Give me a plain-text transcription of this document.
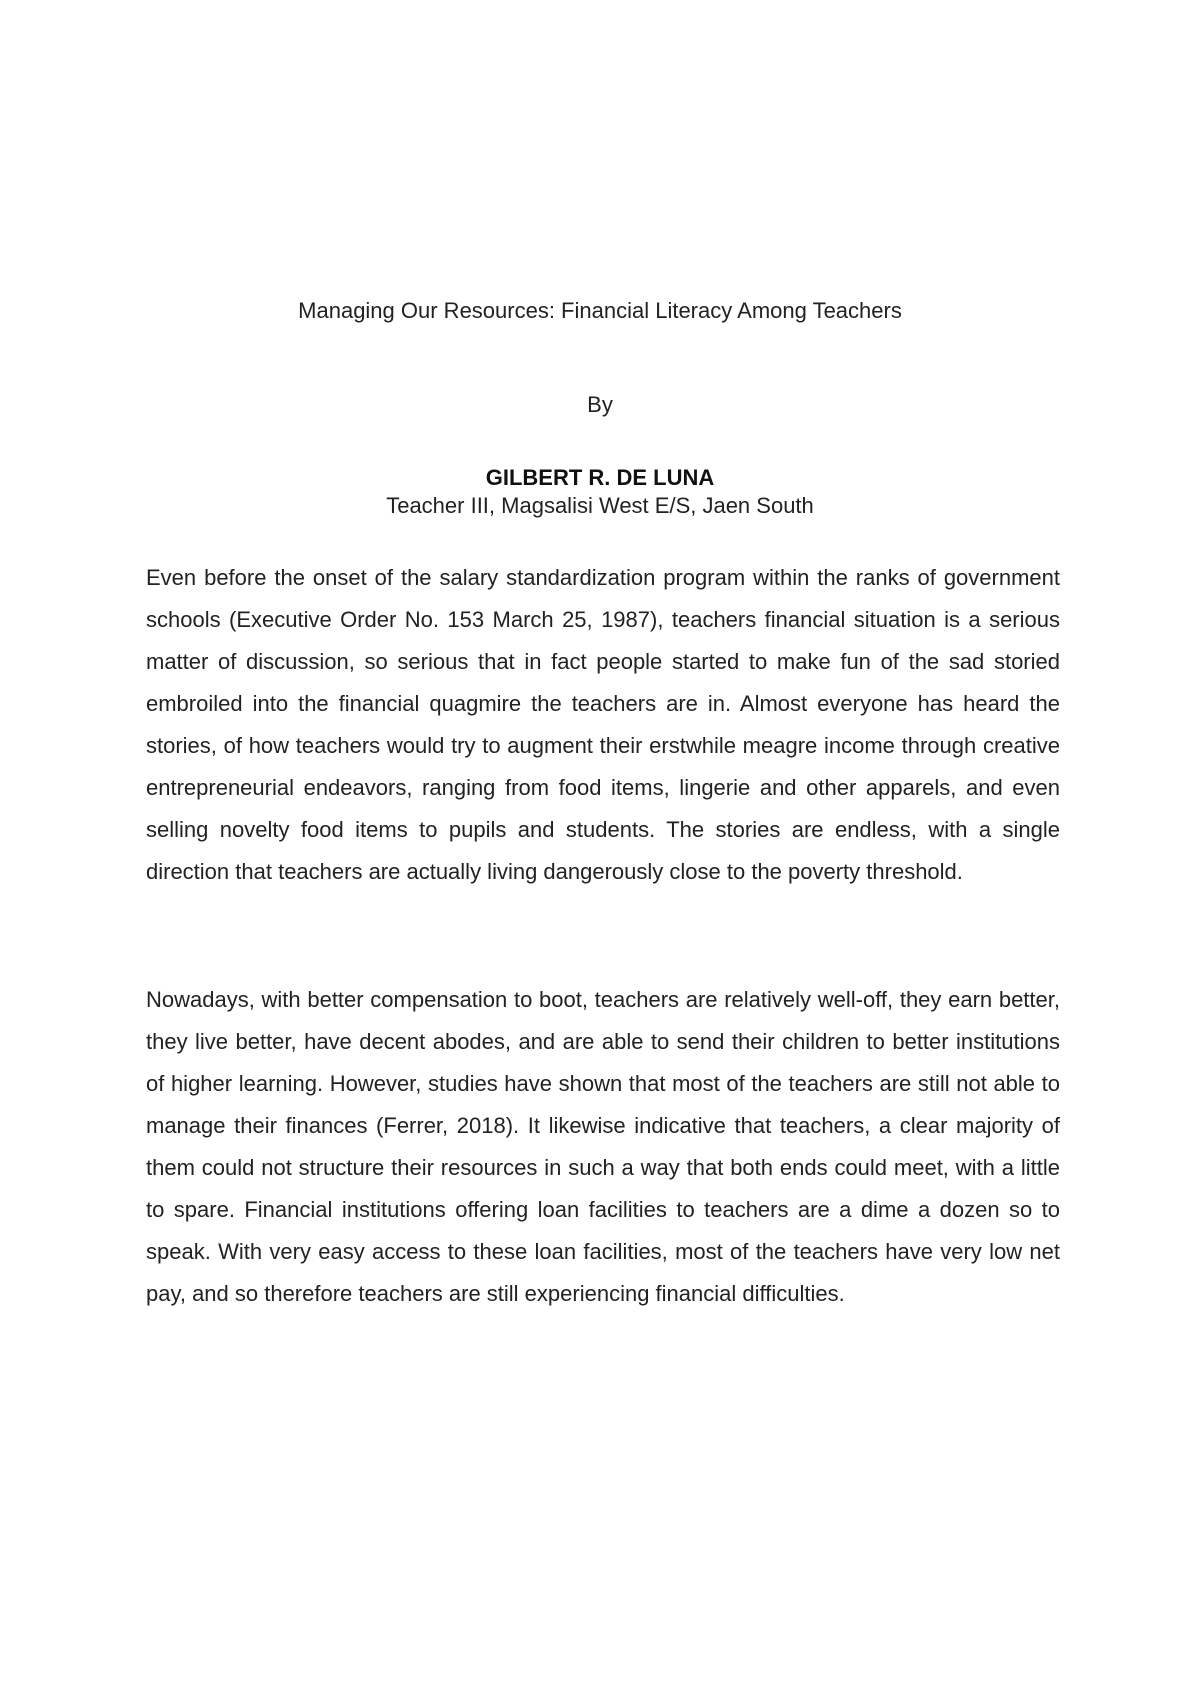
Managing Our Resources: Financial Literacy Among Teachers
By
GILBERT R. DE LUNA
Teacher III, Magsalisi West E/S, Jaen South

Even before the onset of the salary standardization program within the ranks of government schools (Executive Order No. 153 March 25, 1987), teachers financial situation is a serious matter of discussion, so serious that in fact people started to make fun of the sad storied embroiled into the financial quagmire the teachers are in. Almost everyone has heard the stories, of how teachers would try to augment their erstwhile meagre income through creative entrepreneurial endeavors, ranging from food items, lingerie and other apparels, and even selling novelty food items to pupils and students. The stories are endless, with a single direction that teachers are actually living dangerously close to the poverty threshold.

Nowadays, with better compensation to boot, teachers are relatively well-off, they earn better, they live better, have decent abodes, and are able to send their children to better institutions of higher learning. However, studies have shown that most of the teachers are still not able to manage their finances (Ferrer, 2018). It likewise indicative that teachers, a clear majority of them could not structure their resources in such a way that both ends could meet, with a little to spare. Financial institutions offering loan facilities to teachers are a dime a dozen so to speak. With very easy access to these loan facilities, most of the teachers have very low net pay, and so therefore teachers are still experiencing financial difficulties.
